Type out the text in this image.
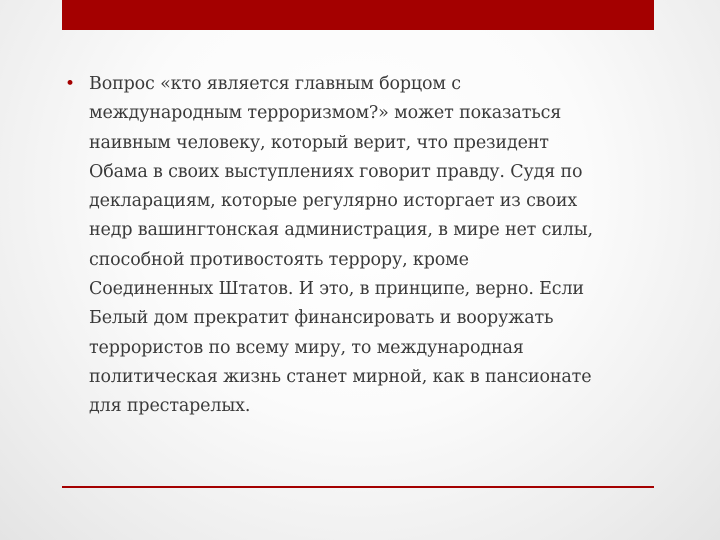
• Вопрос «кто является главным борцом с
международным терроризмом?» может показаться
наивным человеку, который верит, что президент
Обама в своих выступлениях говорит правду. Судя по
декларациям, которые регулярно исторгает из своих
недр вашингтонская администрация, в мире нет силы,
способной противостоять террору, кроме
Соединенных Штатов. И это, в принципе, верно. Если
Белый дом прекратит финансировать и вооружать
террористов по всему миру, то международная
политическая жизнь станет мирной, как в пансионате
для престарелых.
